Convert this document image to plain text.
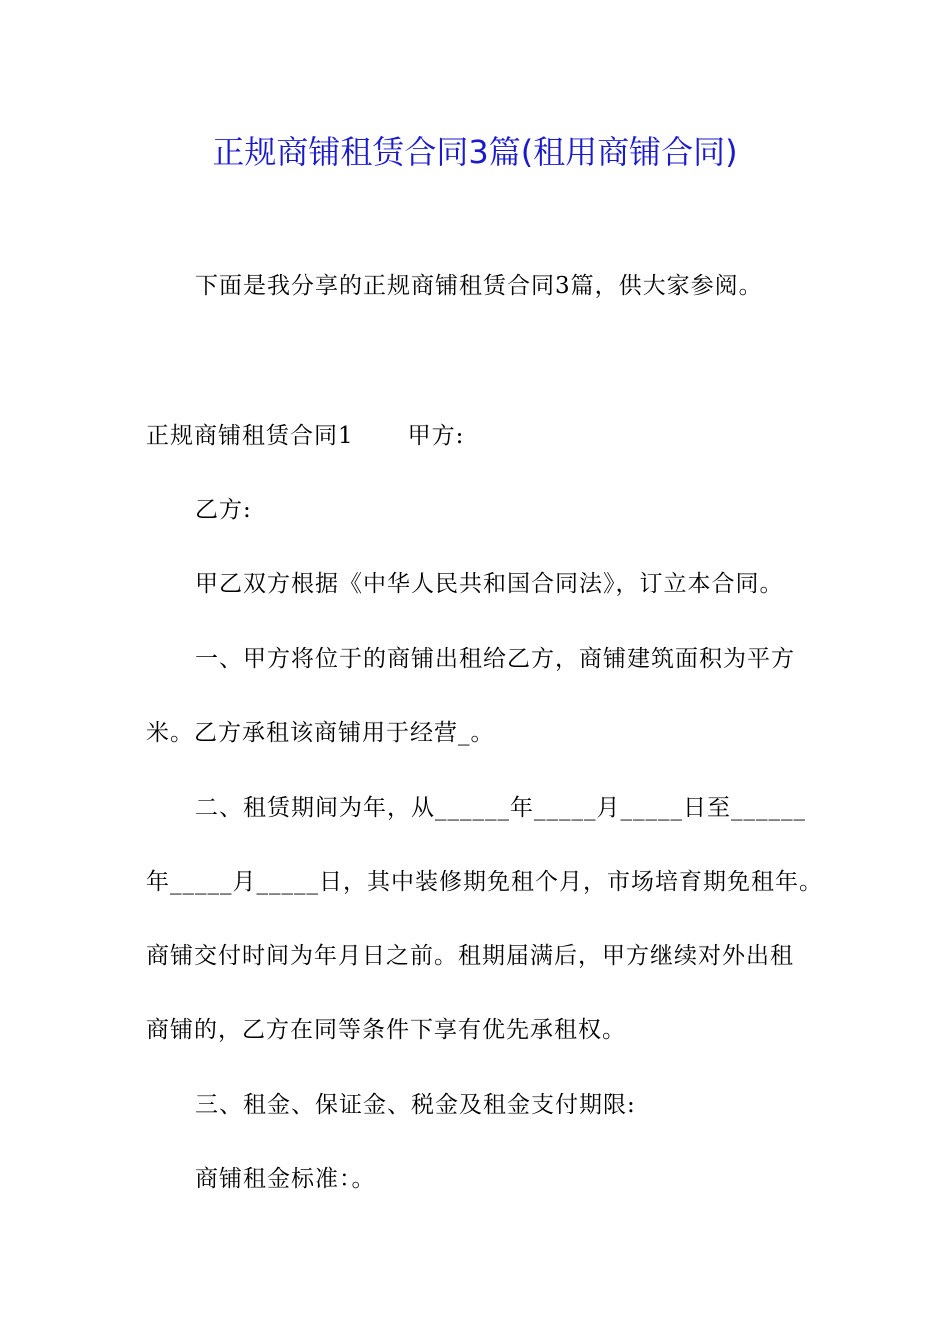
正规商铺租赁合同3篇(租用商铺合同)
下面是我分享的正规商铺租赁合同3篇，供大家参阅。
正规商铺租赁合同1 甲方:
乙方:
甲乙双方根据《中华人民共和国合同法》，订立本合同。
一、甲方将位于的商铺出租给乙方，商铺建筑面积为平方
米。乙方承租该商铺用于经营_。
二、租赁期间为年，从______年_____月_____日至______
年_____月_____日，其中装修期免租个月，市场培育期免租年。
商铺交付时间为年月日之前。租期届满后，甲方继续对外出租
商铺的，乙方在同等条件下享有优先承租权。
三、租金、保证金、税金及租金支付期限:
商铺租金标准：。
